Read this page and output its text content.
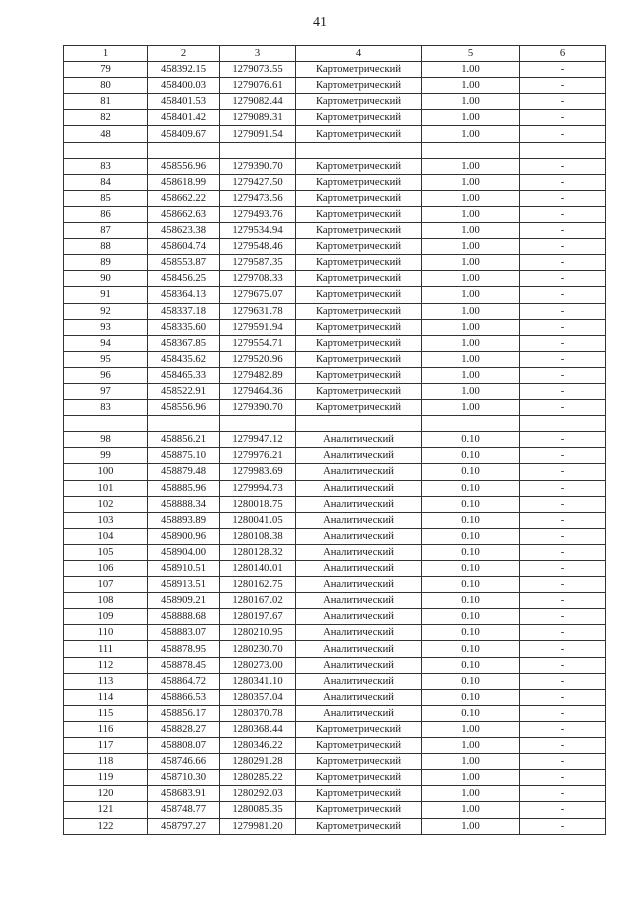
41
1	2	3	4	5	6
79	458392.15	1279073.55	Картометрический	1.00	-
80	458400.03	1279076.61	Картометрический	1.00	-
81	458401.53	1279082.44	Картометрический	1.00	-
82	458401.42	1279089.31	Картометрический	1.00	-
48	458409.67	1279091.54	Картометрический	1.00	-

83	458556.96	1279390.70	Картометрический	1.00	-
84	458618.99	1279427.50	Картометрический	1.00	-
85	458662.22	1279473.56	Картометрический	1.00	-
86	458662.63	1279493.76	Картометрический	1.00	-
87	458623.38	1279534.94	Картометрический	1.00	-
88	458604.74	1279548.46	Картометрический	1.00	-
89	458553.87	1279587.35	Картометрический	1.00	-
90	458456.25	1279708.33	Картометрический	1.00	-
91	458364.13	1279675.07	Картометрический	1.00	-
92	458337.18	1279631.78	Картометрический	1.00	-
93	458335.60	1279591.94	Картометрический	1.00	-
94	458367.85	1279554.71	Картометрический	1.00	-
95	458435.62	1279520.96	Картометрический	1.00	-
96	458465.33	1279482.89	Картометрический	1.00	-
97	458522.91	1279464.36	Картометрический	1.00	-
83	458556.96	1279390.70	Картометрический	1.00	-

98	458856.21	1279947.12	Аналитический	0.10	-
99	458875.10	1279976.21	Аналитический	0.10	-
100	458879.48	1279983.69	Аналитический	0.10	-
101	458885.96	1279994.73	Аналитический	0.10	-
102	458888.34	1280018.75	Аналитический	0.10	-
103	458893.89	1280041.05	Аналитический	0.10	-
104	458900.96	1280108.38	Аналитический	0.10	-
105	458904.00	1280128.32	Аналитический	0.10	-
106	458910.51	1280140.01	Аналитический	0.10	-
107	458913.51	1280162.75	Аналитический	0.10	-
108	458909.21	1280167.02	Аналитический	0.10	-
109	458888.68	1280197.67	Аналитический	0.10	-
110	458883.07	1280210.95	Аналитический	0.10	-
111	458878.95	1280230.70	Аналитический	0.10	-
112	458878.45	1280273.00	Аналитический	0.10	-
113	458864.72	1280341.10	Аналитический	0.10	-
114	458866.53	1280357.04	Аналитический	0.10	-
115	458856.17	1280370.78	Аналитический	0.10	-
116	458828.27	1280368.44	Картометрический	1.00	-
117	458808.07	1280346.22	Картометрический	1.00	-
118	458746.66	1280291.28	Картометрический	1.00	-
119	458710.30	1280285.22	Картометрический	1.00	-
120	458683.91	1280292.03	Картометрический	1.00	-
121	458748.77	1280085.35	Картометрический	1.00	-
122	458797.27	1279981.20	Картометрический	1.00	-
